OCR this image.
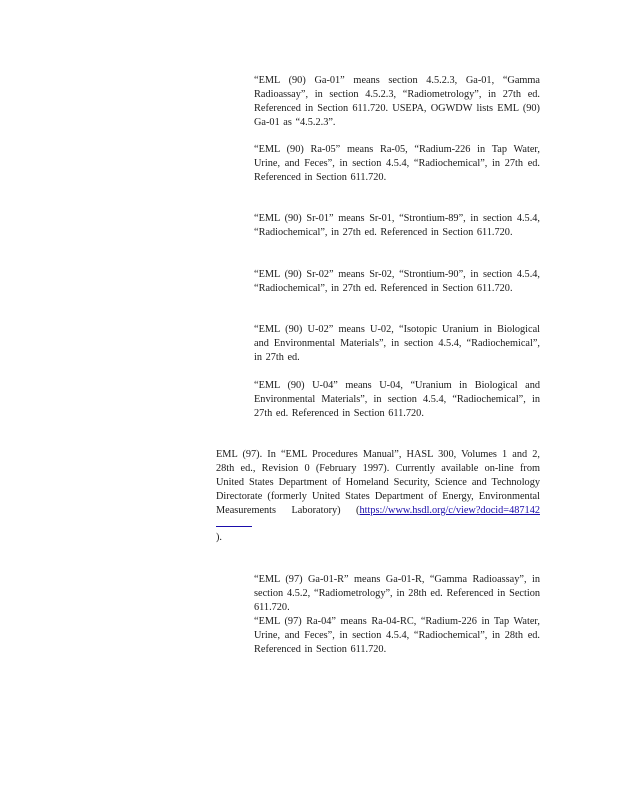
“EML (90) Ga-01” means section 4.5.2.3, Ga-01, “Gamma Radioassay”, in section 4.5.2.3, “Radiometrology”, in 27th ed. Referenced in Section 611.720. USEPA, OGWDW lists EML (90) Ga-01 as “4.5.2.3”.

“EML (90) Ra-05” means Ra-05, “Radium-226 in Tap Water, Urine, and Feces”, in section 4.5.4, “Radiochemical”, in 27th ed. Referenced in Section 611.720.

“EML (90) Sr-01” means Sr-01, “Strontium-89”, in section 4.5.4, “Radiochemical”, in 27th ed. Referenced in Section 611.720.

“EML (90) Sr-02” means Sr-02, “Strontium-90”, in section 4.5.4, “Radiochemical”, in 27th ed. Referenced in Section 611.720.

“EML (90) U-02” means U-02, “Isotopic Uranium in Biological and Environmental Materials”, in section 4.5.4, “Radiochemical”, in 27th ed.

“EML (90) U-04” means U-04, “Uranium in Biological and Environmental Materials”, in section 4.5.4, “Radiochemical”, in 27th ed. Referenced in Section 611.720.

EML (97). In “EML Procedures Manual”, HASL 300, Volumes 1 and 2, 28th ed., Revision 0 (February 1997). Currently available on-line from United States Department of Homeland Security, Science and Technology Directorate (formerly United States Department of Energy, Environmental Measurements Laboratory) (https://www.hsdl.org/c/view?docid=487142
).

“EML (97) Ga-01-R” means Ga-01-R, “Gamma Radioassay”, in section 4.5.2, “Radiometrology”, in 28th ed. Referenced in Section 611.720.

“EML (97) Ra-04” means Ra-04-RC, “Radium-226 in Tap Water, Urine, and Feces”, in section 4.5.4, “Radiochemical”, in 28th ed. Referenced in Section 611.720.
